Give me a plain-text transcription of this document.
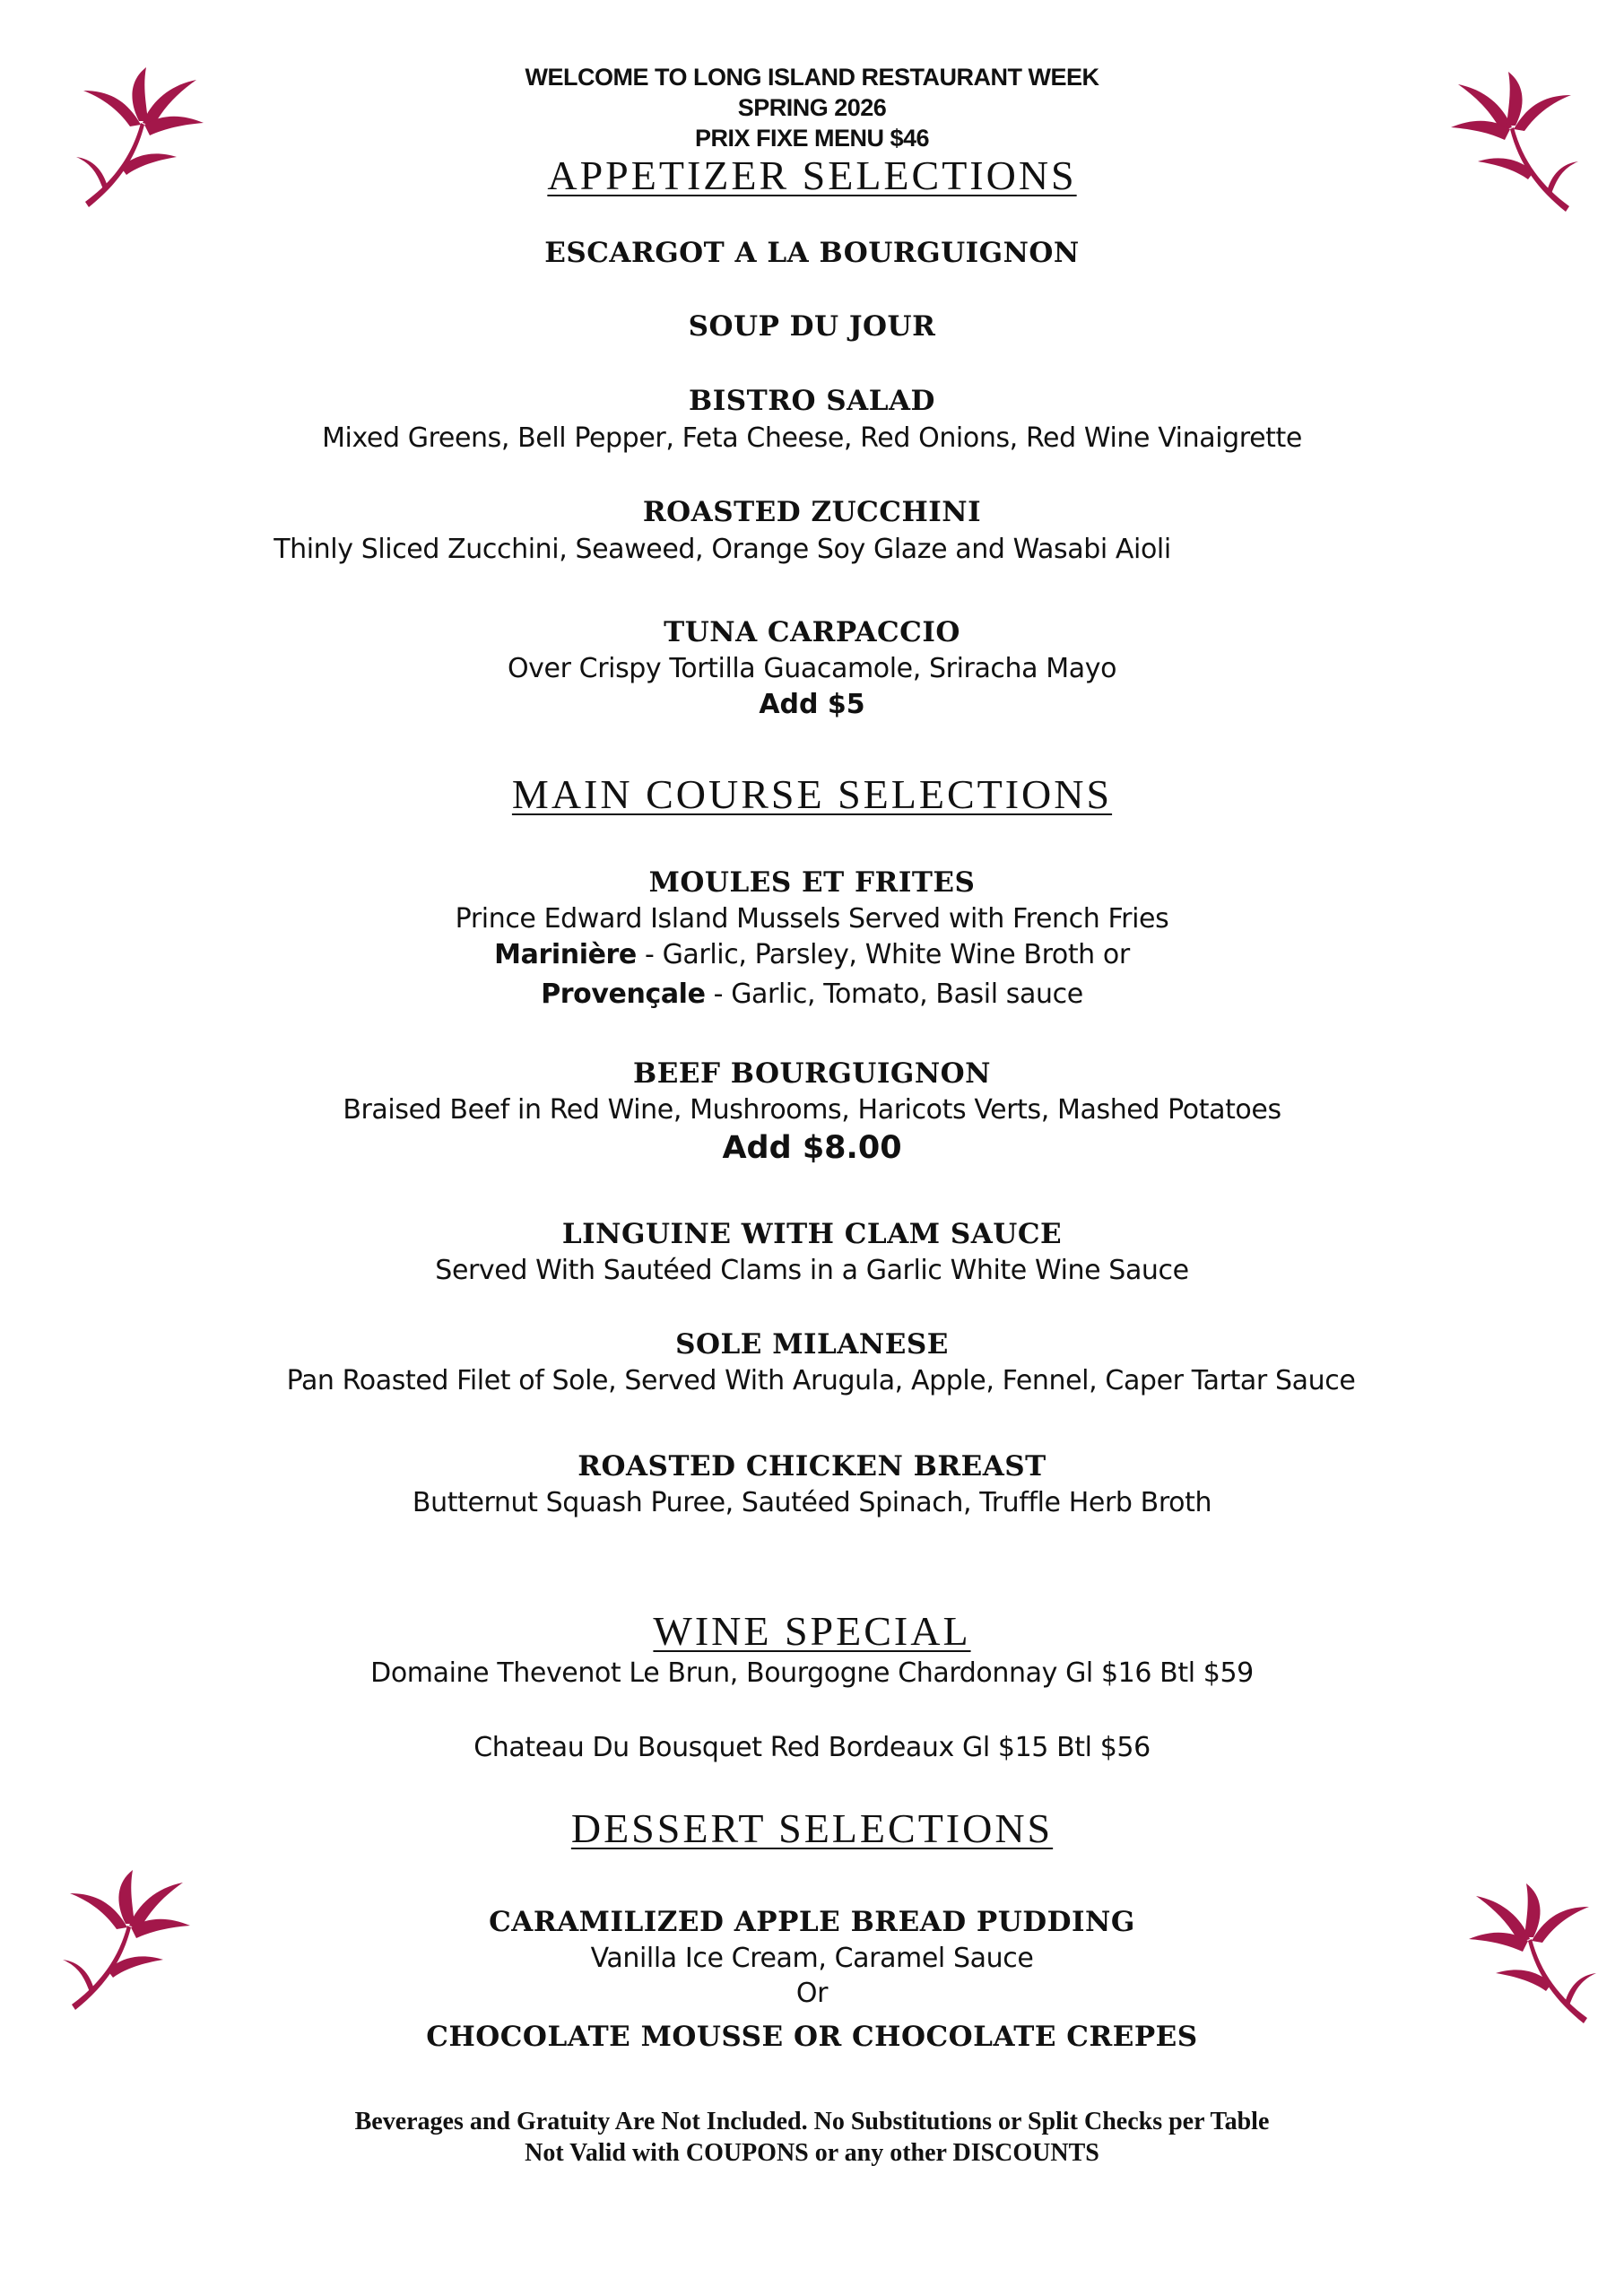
WELCOME TO LONG ISLAND RESTAURANT WEEK

SPRING 2026

PRIX FIXE MENU $46

APPETIZER SELECTIONS

ESCARGOT A LA BOURGUIGNON

SOUP DU JOUR

BISTRO SALAD

Mixed Greens, Bell Pepper, Feta Cheese, Red Onions, Red Wine Vinaigrette

ROASTED ZUCCHINI

Thinly Sliced Zucchini, Seaweed, Orange Soy Glaze and Wasabi Aioli

TUNA CARPACCIO

Over Crispy Tortilla Guacamole, Sriracha Mayo

Add $5

MAIN COURSE SELECTIONS

MOULES ET FRITES

Prince Edward Island Mussels Served with French Fries

Marinière - Garlic, Parsley, White Wine Broth or

Provençale - Garlic, Tomato, Basil sauce

BEEF BOURGUIGNON

Braised Beef in Red Wine, Mushrooms, Haricots Verts, Mashed Potatoes

Add $8.00

LINGUINE WITH CLAM SAUCE

Served With Sautéed Clams in a Garlic White Wine Sauce

SOLE MILANESE

Pan Roasted Filet of Sole, Served With Arugula, Apple, Fennel, Caper Tartar Sauce

ROASTED CHICKEN BREAST

Butternut Squash Puree, Sautéed Spinach, Truffle Herb Broth

WINE SPECIAL

Domaine Thevenot Le Brun, Bourgogne Chardonnay Gl $16 Btl $59

Chateau Du Bousquet Red Bordeaux Gl $15 Btl $56

DESSERT SELECTIONS

CARAMILIZED APPLE BREAD PUDDING

Vanilla Ice Cream, Caramel Sauce

Or

CHOCOLATE MOUSSE OR CHOCOLATE CREPES

Beverages and Gratuity Are Not Included. No Substitutions or Split Checks per Table

Not Valid with COUPONS or any other DISCOUNTS
